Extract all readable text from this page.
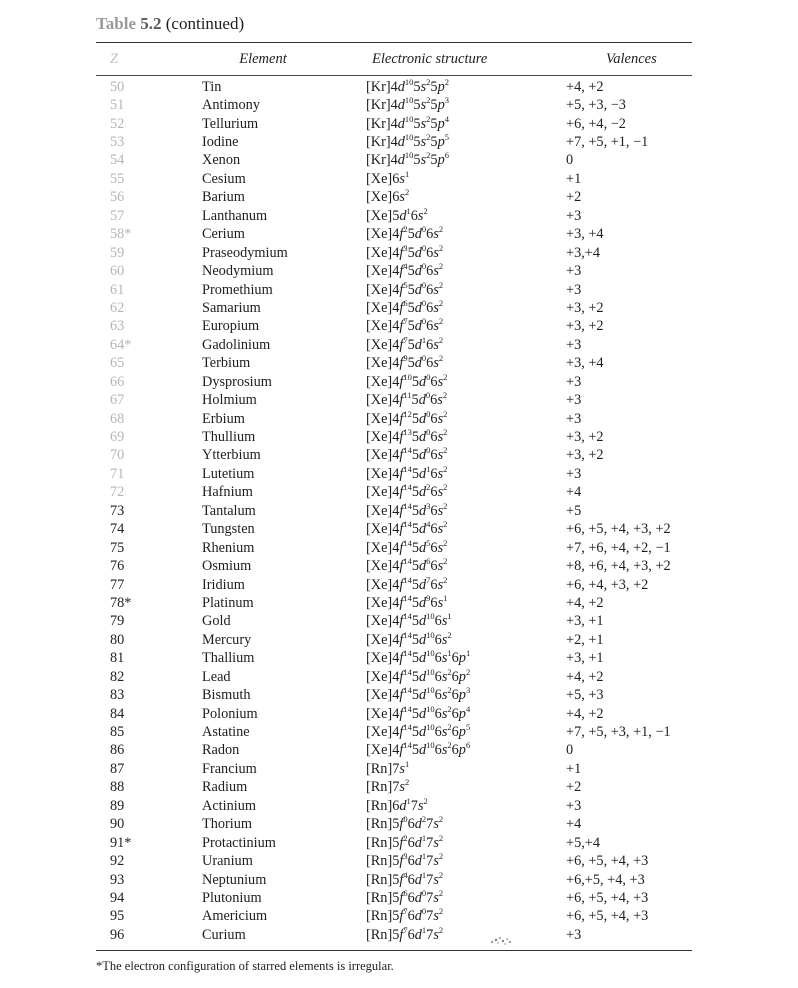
Table 5.2 (continued)
Z	Element	Electronic structure	Valences
50	Tin	$[Kr]4d^{10}5s^25p^2$	+4, +2
51	Antimony	$[Kr]4d^{10}5s^25p^3$	+5, +3, −3
52	Tellurium	$[Kr]4d^{10}5s^25p^4$	+6, +4, −2
53	Iodine	$[Kr]4d^{10}5s^25p^5$	+7, +5, +1, −1
54	Xenon	$[Kr]4d^{10}5s^25p^6$	0
55	Cesium	$[Xe]6s^1$	+1
56	Barium	$[Xe]6s^2$	+2
57	Lanthanum	$[Xe]5d^16s^2$	+3
58*	Cerium	$[Xe]4f^25d^06s^2$	+3, +4
59	Praseodymium	$[Xe]4f^35d^06s^2$	+3,+4
60	Neodymium	$[Xe]4f^45d^06s^2$	+3
61	Promethium	$[Xe]4f^55d^06s^2$	+3
62	Samarium	$[Xe]4f^65d^06s^2$	+3, +2
63	Europium	$[Xe]4f^75d^06s^2$	+3, +2
64*	Gadolinium	$[Xe]4f^75d^16s^2$	+3
65	Terbium	$[Xe]4f^95d^06s^2$	+3, +4
66	Dysprosium	$[Xe]4f^{10}5d^06s^2$	+3
67	Holmium	$[Xe]4f^{11}5d^06s^2$	+3
68	Erbium	$[Xe]4f^{12}5d^06s^2$	+3
69	Thullium	$[Xe]4f^{13}5d^06s^2$	+3, +2
70	Ytterbium	$[Xe]4f^{14}5d^06s^2$	+3, +2
71	Lutetium	$[Xe]4f^{14}5d^16s^2$	+3
72	Hafnium	$[Xe]4f^{14}5d^26s^2$	+4
73	Tantalum	$[Xe]4f^{14}5d^36s^2$	+5
74	Tungsten	$[Xe]4f^{14}5d^46s^2$	+6, +5, +4, +3, +2
75	Rhenium	$[Xe]4f^{14}5d^56s^2$	+7, +6, +4, +2, −1
76	Osmium	$[Xe]4f^{14}5d^66s^2$	+8, +6, +4, +3, +2
77	Iridium	$[Xe]4f^{14}5d^76s^2$	+6, +4, +3, +2
78*	Platinum	$[Xe]4f^{14}5d^96s^1$	+4, +2
79	Gold	$[Xe]4f^{14}5d^{10}6s^1$	+3, +1
80	Mercury	$[Xe]4f^{14}5d^{10}6s^2$	+2, +1
81	Thallium	$[Xe]4f^{14}5d^{10}6s^16p^1$	+3, +1
82	Lead	$[Xe]4f^{14}5d^{10}6s^26p^2$	+4, +2
83	Bismuth	$[Xe]4f^{14}5d^{10}6s^26p^3$	+5, +3
84	Polonium	$[Xe]4f^{14}5d^{10}6s^26p^4$	+4, +2
85	Astatine	$[Xe]4f^{14}5d^{10}6s^26p^5$	+7, +5, +3, +1, −1
86	Radon	$[Xe]4f^{14}5d^{10}6s^26p^6$	0
87	Francium	$[Rn]7s^1$	+1
88	Radium	$[Rn]7s^2$	+2
89	Actinium	$[Rn]6d^17s^2$	+3
90	Thorium	$[Rn]5f^06d^27s^2$	+4
91*	Protactinium	$[Rn]5f^26d^17s^2$	+5,+4
92	Uranium	$[Rn]5f^36d^17s^2$	+6, +5, +4, +3
93	Neptunium	$[Rn]5f^46d^17s^2$	+6,+5, +4, +3
94	Plutonium	$[Rn]5f^66d^07s^2$	+6, +5, +4, +3
95	Americium	$[Rn]5f^76d^07s^2$	+6, +5, +4, +3
96	Curium	$[Rn]5f^76d^17s^2$	+3
*The electron configuration of starred elements is irregular.
